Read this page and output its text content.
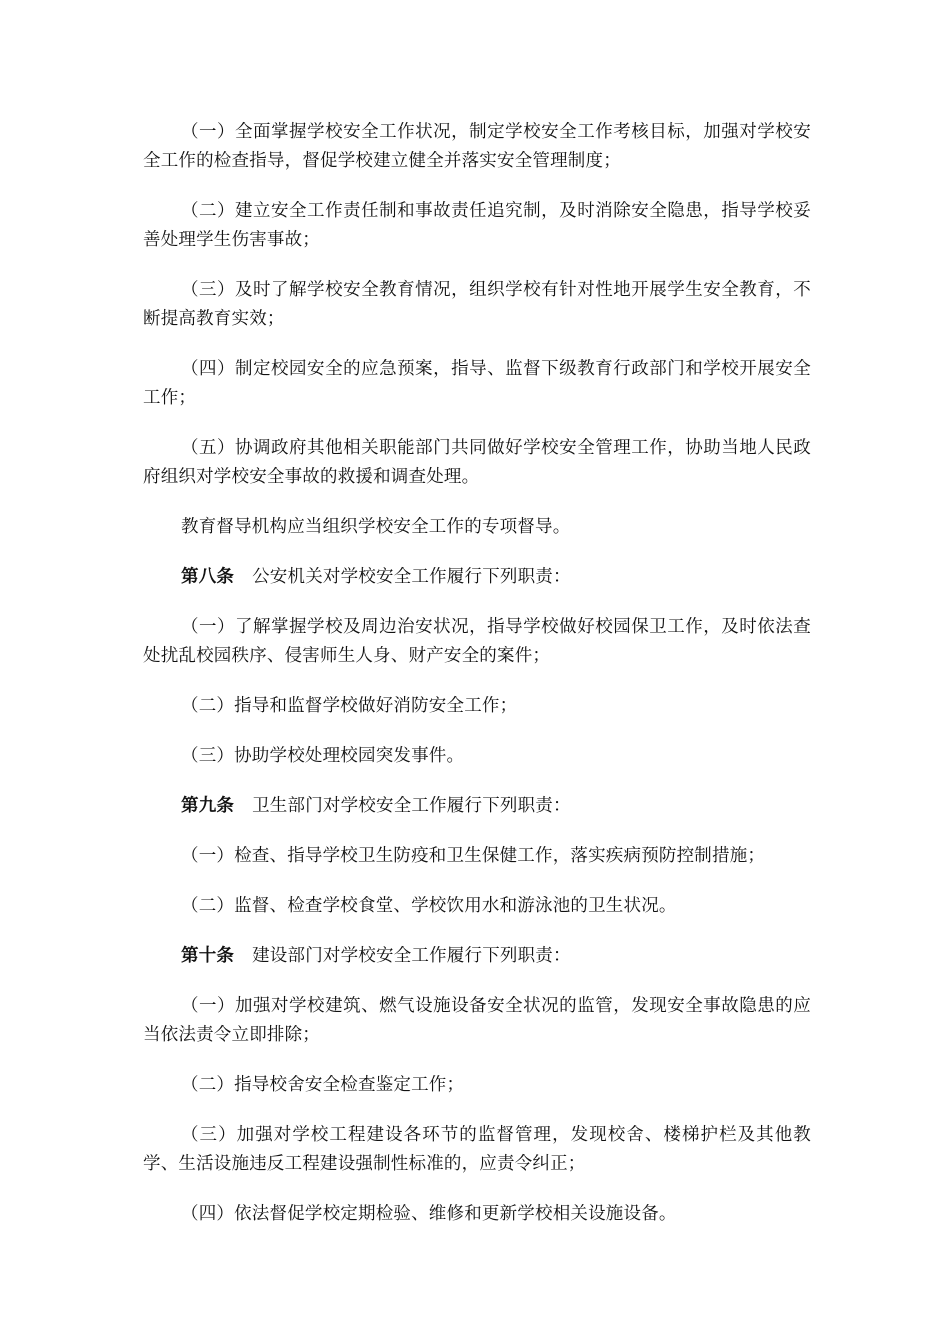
（一）全面掌握学校安全工作状况，制定学校安全工作考核目标，加强对学校安全工作的检查指导，督促学校建立健全并落实安全管理制度；

（二）建立安全工作责任制和事故责任追究制，及时消除安全隐患，指导学校妥善处理学生伤害事故；

（三）及时了解学校安全教育情况，组织学校有针对性地开展学生安全教育，不断提高教育实效；

（四）制定校园安全的应急预案，指导、监督下级教育行政部门和学校开展安全工作；

（五）协调政府其他相关职能部门共同做好学校安全管理工作，协助当地人民政府组织对学校安全事故的救援和调查处理。

教育督导机构应当组织学校安全工作的专项督导。

第八条 公安机关对学校安全工作履行下列职责：

（一）了解掌握学校及周边治安状况，指导学校做好校园保卫工作，及时依法查处扰乱校园秩序、侵害师生人身、财产安全的案件；

（二）指导和监督学校做好消防安全工作；

（三）协助学校处理校园突发事件。

第九条 卫生部门对学校安全工作履行下列职责：

（一）检查、指导学校卫生防疫和卫生保健工作，落实疾病预防控制措施；

（二）监督、检查学校食堂、学校饮用水和游泳池的卫生状况。

第十条 建设部门对学校安全工作履行下列职责：

（一）加强对学校建筑、燃气设施设备安全状况的监管，发现安全事故隐患的应当依法责令立即排除；

（二）指导校舍安全检查鉴定工作；

（三）加强对学校工程建设各环节的监督管理，发现校舍、楼梯护栏及其他教学、生活设施违反工程建设强制性标准的，应责令纠正；

（四）依法督促学校定期检验、维修和更新学校相关设施设备。
